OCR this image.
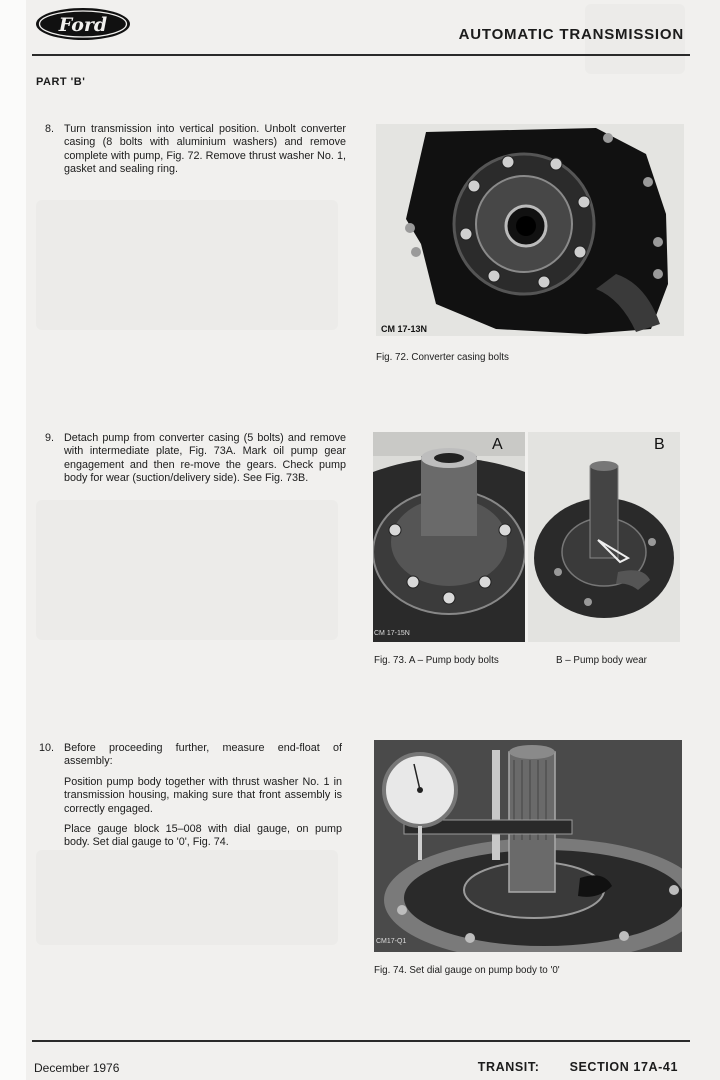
Ford	AUTOMATIC TRANSMISSION
PART 'B'
8. Turn transmission into vertical position. Unbolt converter casing (8 bolts with aluminium washers) and remove complete with pump, Fig. 72. Remove thrust washer No. 1, gasket and sealing ring.

CM 17-13N
Fig. 72. Converter casing bolts
9. Detach pump from converter casing (5 bolts) and remove with intermediate plate, Fig. 73A. Mark oil pump gear engagement and then re-move the gears. Check pump body for wear (suction/delivery side). See Fig. 73B.

A
CM 17-15N
B
Fig. 73. A – Pump body bolts	B – Pump body wear
10. Before proceeding further, measure end-float of assembly:

Position pump body together with thrust washer No. 1 in transmission housing, making sure that front assembly is correctly engaged.

Place gauge block 15–008 with dial gauge, on pump body. Set dial gauge to '0', Fig. 74.

CM17-Q1
Fig. 74. Set dial gauge on pump body to '0'
December 1976	TRANSIT: SECTION 17A-41
